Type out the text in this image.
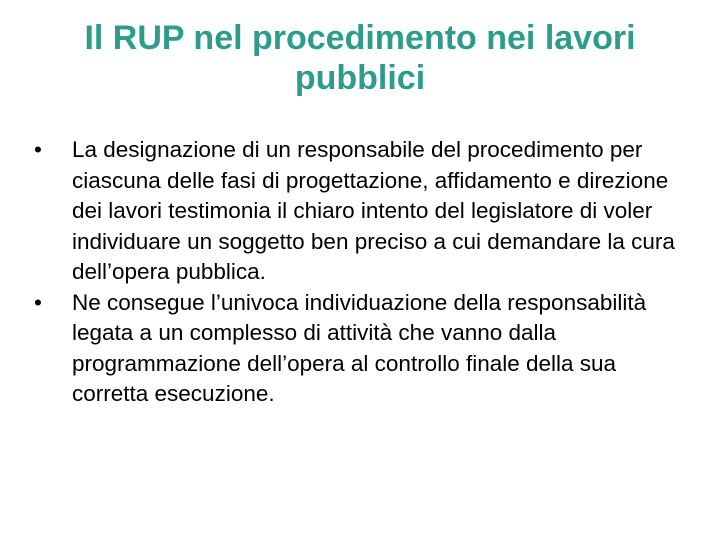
Il RUP nel procedimento nei lavori pubblici
•	La designazione di un responsabile del procedimento per ciascuna delle fasi di progettazione, affidamento e direzione dei lavori testimonia il chiaro intento del legislatore di voler individuare un soggetto ben preciso a cui demandare la cura dell’opera pubblica.
•	Ne consegue l’univoca individuazione della responsabilità legata a un complesso di attività che vanno dalla programmazione dell’opera al controllo finale della sua corretta esecuzione.
